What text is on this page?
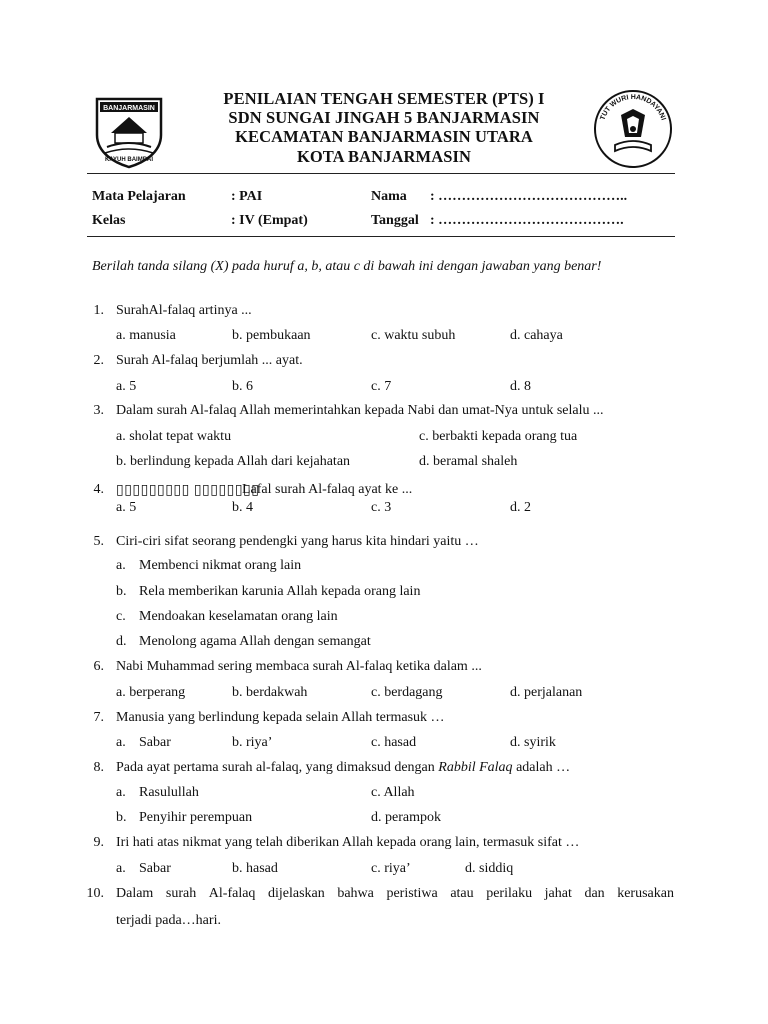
BANJARMASIN
KAYUH BAIMBAI
TUT WURI HANDAYANI
PENILAIAN TENGAH SEMESTER (PTS) I
SDN SUNGAI JINGAH 5 BANJARMASIN
KECAMATAN BANJARMASIN UTARA
KOTA BANJARMASIN
Mata Pelajaran	: PAI	Nama : …………………………………..
Kelas	: IV (Empat)	Tanggal : ………………………………….
Berilah tanda silang (X) pada huruf a, b, atau c di bawah ini dengan jawaban yang benar!
1. SurahAl-falaq artinya ...
a. manusia	b. pembukaan	c. waktu subuh	d. cahaya
2. Surah Al-falaq berjumlah ... ayat.
a. 5	b. 6	c. 7	d. 8
3. Dalam surah Al-falaq Allah memerintahkan kepada Nabi dan umat-Nya untuk selalu ...
a. sholat tepat waktu	c. berbakti kepada orang tua
b. berlindung kepada Allah dari kejahatan	d. beramal shaleh
4. ▯▯▯▯▯▯▯▯▯ ▯▯▯▯▯▯▯▯
Lafal surah Al-falaq ayat ke ...
a. 5	b. 4	c. 3	d. 2
5. Ciri-ciri sifat seorang pendengki yang harus kita hindari yaitu …
a. Membenci nikmat orang lain
b. Rela memberikan karunia Allah kepada orang lain
c. Mendoakan keselamatan orang lain
d. Menolong agama Allah dengan semangat
6. Nabi Muhammad sering membaca surah Al-falaq ketika dalam ...
a. berperang	b. berdakwah	c. berdagang	d. perjalanan
7. Manusia yang berlindung kepada selain Allah termasuk …
a. Sabar	b. riya’	c. hasad	d. syirik
8. Pada ayat pertama surah al-falaq, yang dimaksud dengan Rabbil Falaq adalah …
a. Rasulullah	c. Allah
b. Penyihir perempuan	d. perampok
9. Iri hati atas nikmat yang telah diberikan Allah kepada orang lain, termasuk sifat …
a. Sabar	b. hasad	c. riya’	d. siddiq
10. Dalam surah Al-falaq dijelaskan bahwa peristiwa atau perilaku jahat dan kerusakan
terjadi pada…hari.
